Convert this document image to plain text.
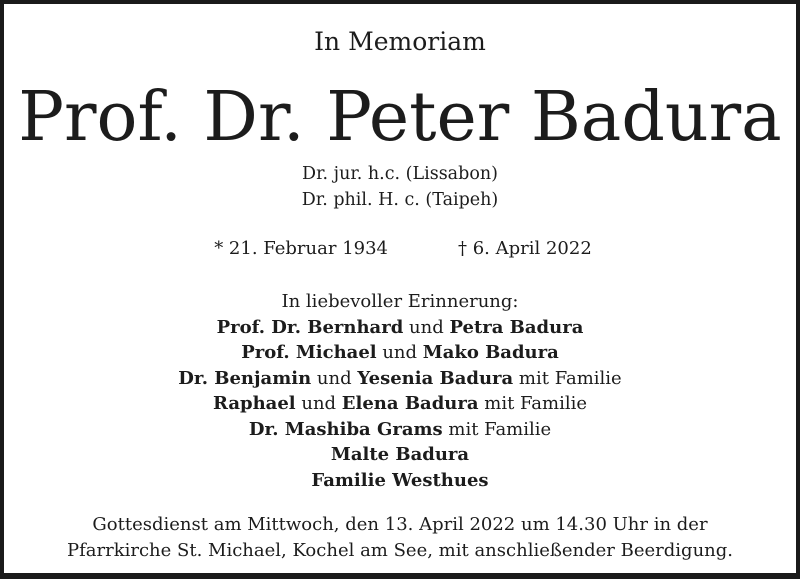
In Memoriam
Prof. Dr. Peter Badura
Dr. jur. h.c. (Lissabon)
Dr. phil. H. c. (Taipeh)
* 21. Februar 1934	† 6. April 2022
In liebevoller Erinnerung:
Prof. Dr. Bernhard und Petra Badura
Prof. Michael und Mako Badura
Dr. Benjamin und Yesenia Badura mit Familie
Raphael und Elena Badura mit Familie
Dr. Mashiba Grams mit Familie
Malte Badura
Familie Westhues
Gottesdienst am Mittwoch, den 13. April 2022 um 14.30 Uhr in der
Pfarrkirche St. Michael, Kochel am See, mit anschließender Beerdigung.
